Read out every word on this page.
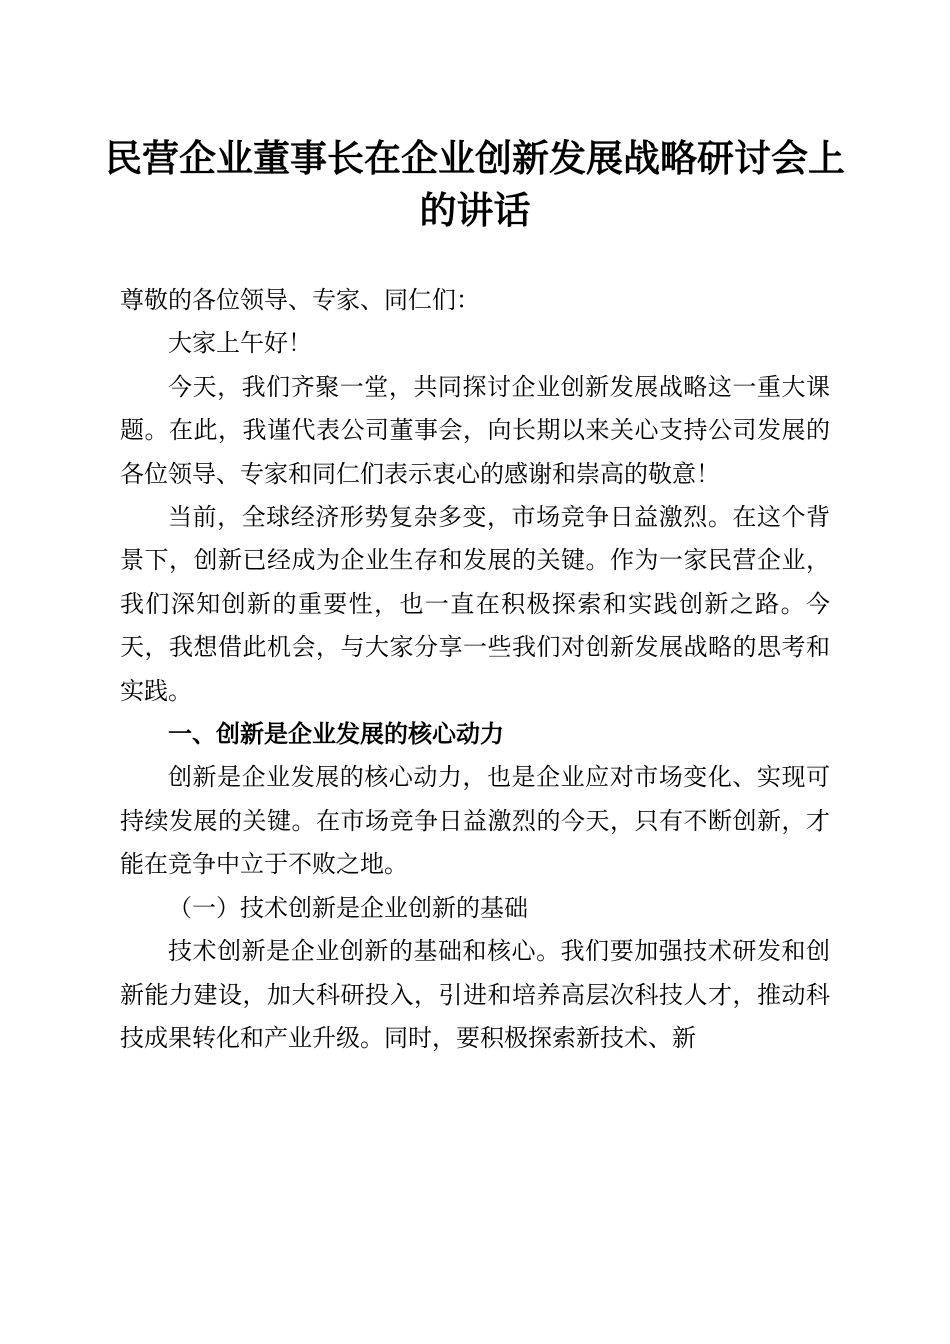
民营企业董事长在企业创新发展战略研讨会上
的讲话

尊敬的各位领导、专家、同仁们：

大家上午好！

今天，我们齐聚一堂，共同探讨企业创新发展战略这一重大课题。在此，我谨代表公司董事会，向长期以来关心支持公司发展的各位领导、专家和同仁们表示衷心的感谢和崇高的敬意！

当前，全球经济形势复杂多变，市场竞争日益激烈。在这个背景下，创新已经成为企业生存和发展的关键。作为一家民营企业，我们深知创新的重要性，也一直在积极探索和实践创新之路。今天，我想借此机会，与大家分享一些我们对创新发展战略的思考和实践。

一、创新是企业发展的核心动力

创新是企业发展的核心动力，也是企业应对市场变化、实现可持续发展的关键。在市场竞争日益激烈的今天，只有不断创新，才能在竞争中立于不败之地。

（一）技术创新是企业创新的基础

技术创新是企业创新的基础和核心。我们要加强技术研发和创新能力建设，加大科研投入，引进和培养高层次科技人才，推动科技成果转化和产业升级。同时，要积极探索新技术、新
